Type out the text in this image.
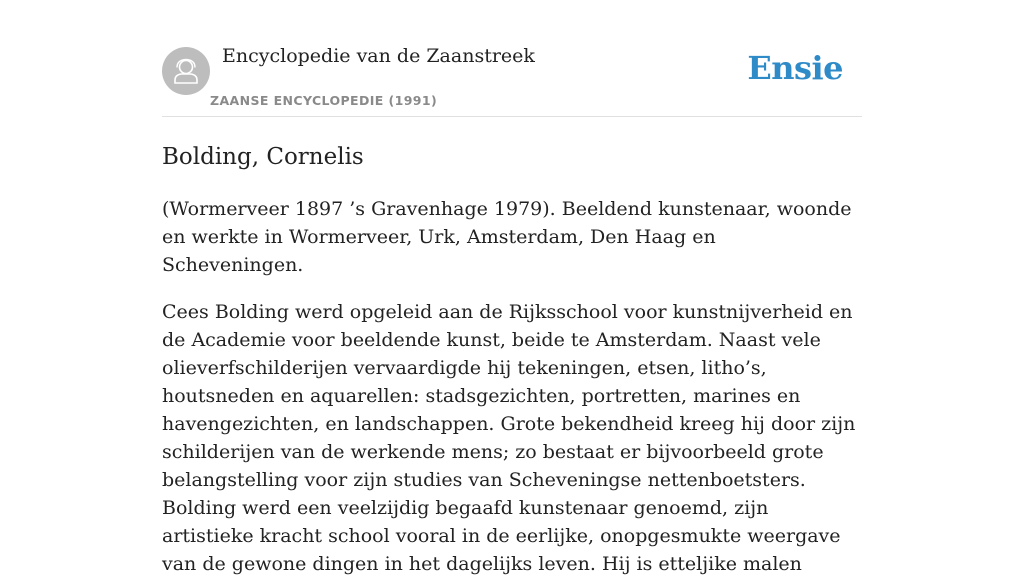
Encyclopedie van de Zaanstreek
ZAANSE ENCYCLOPEDIE (1991)
Ensie
Bolding, Cornelis

(Wormerveer 1897 ’s Gravenhage 1979). Beeldend kunstenaar, woonde en werkte in Wormerveer, Urk, Amsterdam, Den Haag en Scheveningen.

Cees Bolding werd opgeleid aan de Rijksschool voor kunstnijverheid en de Academie voor beeldende kunst, beide te Amsterdam. Naast vele olieverfschilderijen vervaardigde hij tekeningen, etsen, litho’s, houtsneden en aquarellen: stadsgezichten, portretten, marines en havengezichten, en landschappen. Grote bekendheid kreeg hij door zijn schilderijen van de werkende mens; zo bestaat er bijvoorbeeld grote belangstelling voor zijn studies van Scheveningse nettenboetsters. Bolding werd een veelzijdig begaafd kunstenaar genoemd, zijn artistieke kracht school vooral in de eerlijke, onopgesmukte weergave van de gewone dingen in het dagelijks leven. Hij is etteljike malen
